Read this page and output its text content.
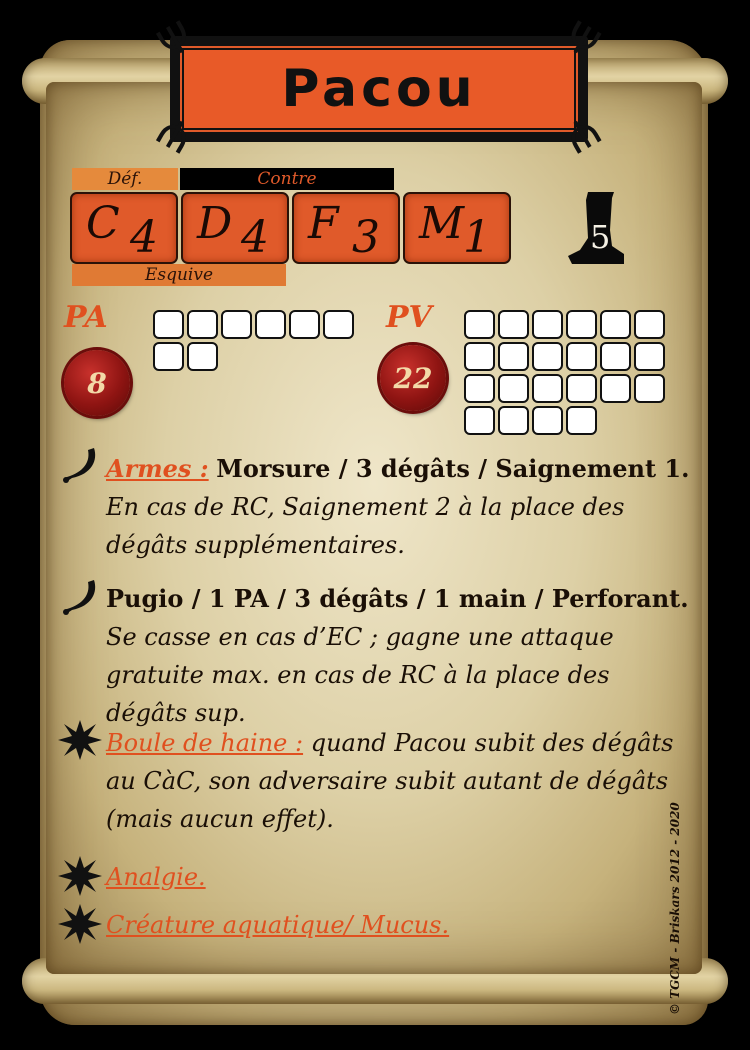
Pacou
Ψ	Ψ
Ψ	Ψ
Déf.	Contre
Esquive
C 4 D 4 F 3 M
1	5
PA
8
PV
22
Armes : Morsure / 3 dégâts / Saignement 1.
En cas de RC, Saignement 2 à la place des dégâts supplémentaires.
Pugio / 1 PA / 3 dégâts / 1 main / Perforant.
Se casse en cas d’EC ; gagne une attaque gratuite max. en cas de RC à la place des dégâts sup.
Boule de haine : quand Pacou subit des dégâts au CàC, son adversaire subit autant de dégâts (mais aucun effet).
Analgie.
Créature aquatique/ Mucus.	© TGCM - Briskars 2012 - 2020
